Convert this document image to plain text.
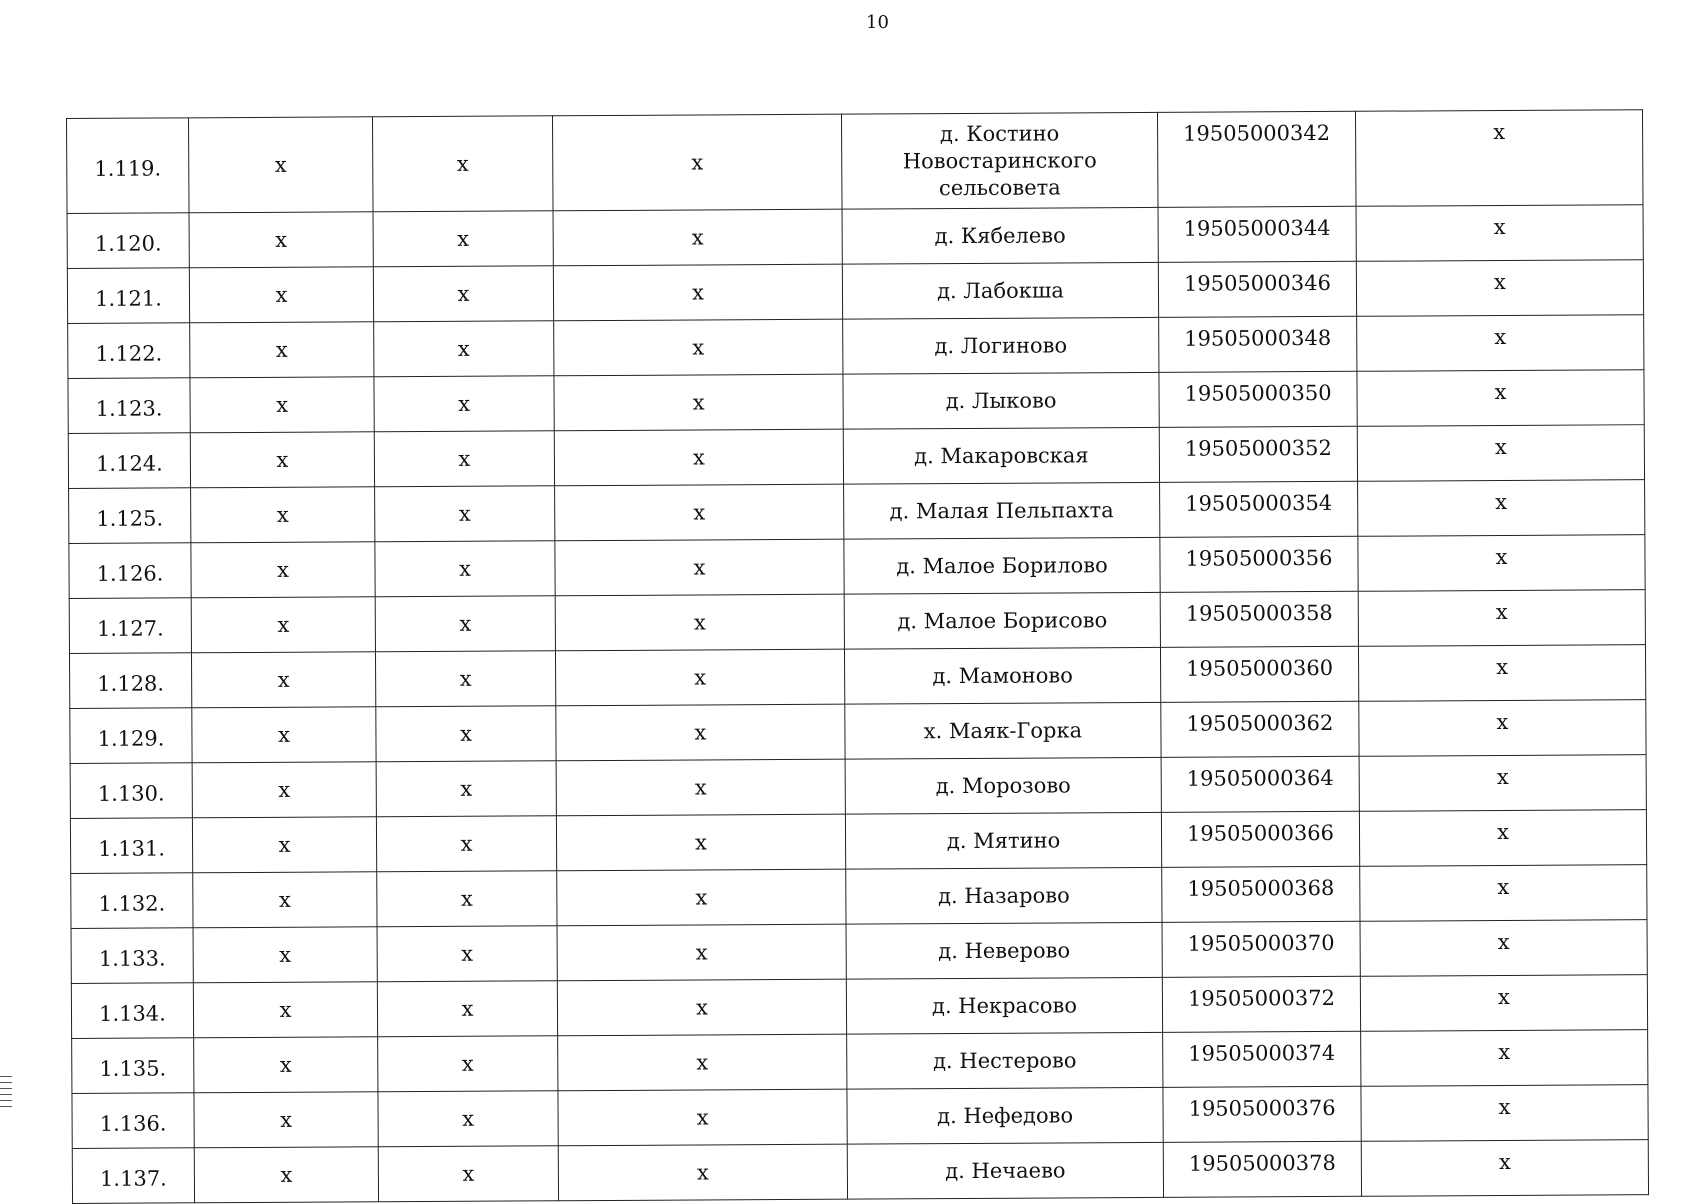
10
1.119.	х	х	х	д. Костино Новостаринского сельсовета	19505000342	х
1.120.	х	х	х	д. Кябелево	19505000344	х
1.121.	х	х	х	д. Лабокша	19505000346	х
1.122.	х	х	х	д. Логиново	19505000348	х
1.123.	х	х	х	д. Лыково	19505000350	х
1.124.	х	х	х	д. Макаровская	19505000352	х
1.125.	х	х	х	д. Малая Пельпахта	19505000354	х
1.126.	х	х	х	д. Малое Борилово	19505000356	х
1.127.	х	х	х	д. Малое Борисово	19505000358	х
1.128.	х	х	х	д. Мамоново	19505000360	х
1.129.	х	х	х	х. Маяк-Горка	19505000362	х
1.130.	х	х	х	д. Морозово	19505000364	х
1.131.	х	х	х	д. Мятино	19505000366	х
1.132.	х	х	х	д. Назарово	19505000368	х
1.133.	х	х	х	д. Неверово	19505000370	х
1.134.	х	х	х	д. Некрасово	19505000372	х
1.135.	х	х	х	д. Нестерово	19505000374	х
1.136.	х	х	х	д. Нефедово	19505000376	х
1.137.	х	х	х	д. Нечаево	19505000378	х
